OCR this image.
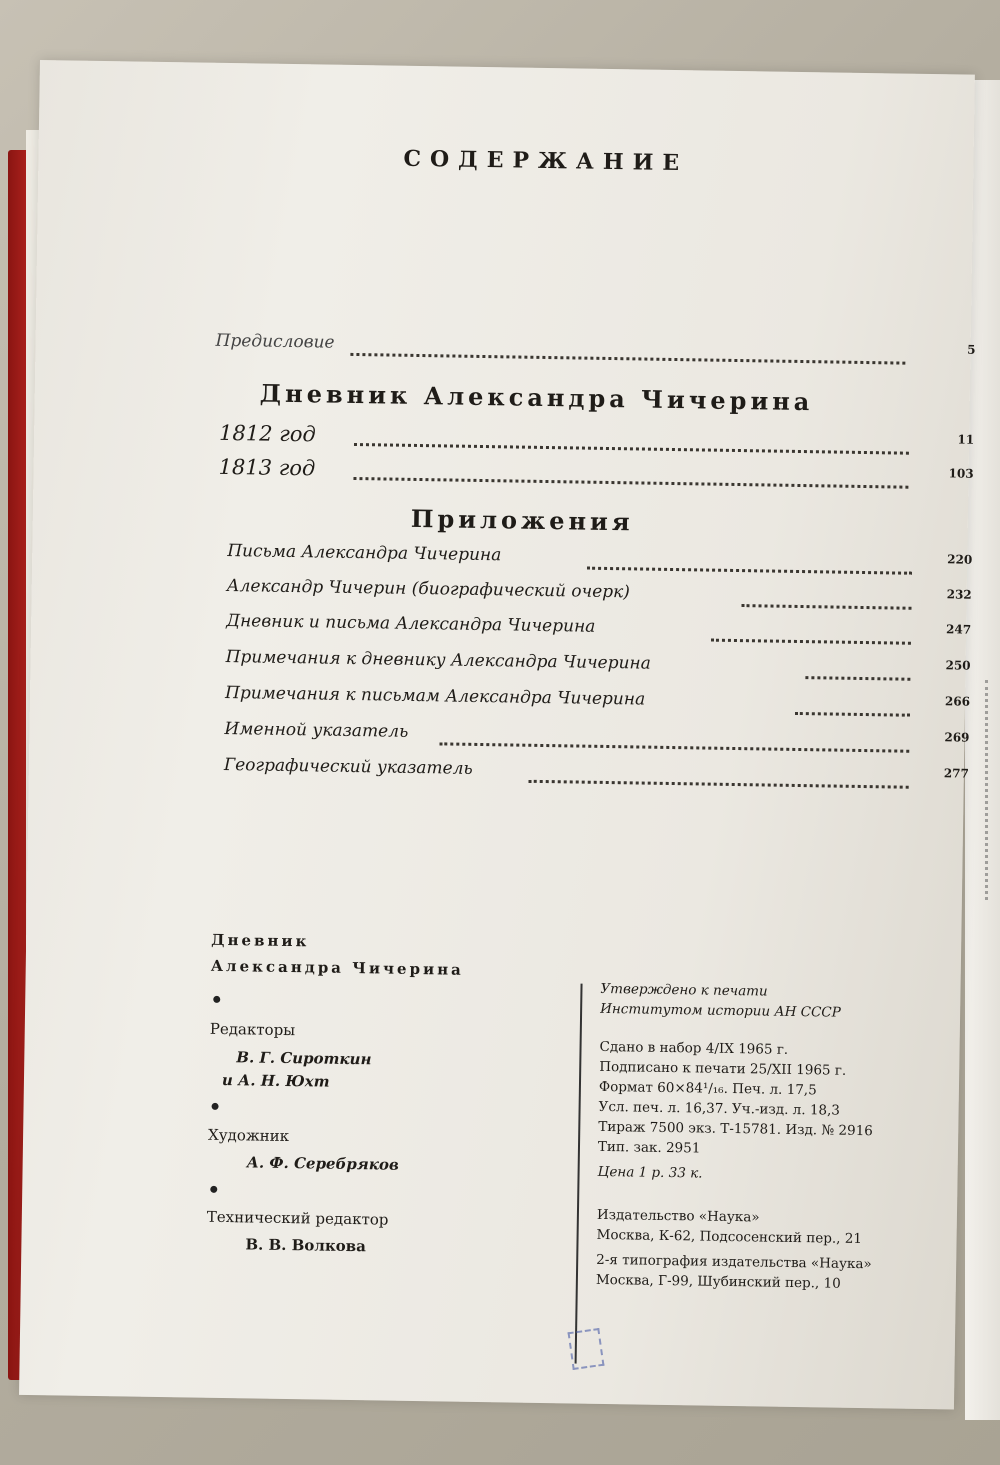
СОДЕРЖАНИЕ
Предисловие	5
Дневник Александра Чичерина
1812 год	11
1813 год	103
Приложения
Письма Александра Чичерина	220
Александр Чичерин (биографический очерк)	232
Дневник и письма Александра Чичерина	247
Примечания к дневнику Александра Чичерина	250
Примечания к письмам Александра Чичерина	266
Именной указатель	269
Географический указатель	277
Дневник
Александра Чичерина
Редакторы
В. Г. Сироткин
и А. Н. Юхт
Художник
А. Ф. Серебряков
Технический редактор
В. В. Волкова
Утверждено к печати
Институтом истории АН СССР
Сдано в набор 4/IX 1965 г.
Подписано к печати 25/XII 1965 г.
Формат 60×84¹/₁₆. Печ. л. 17,5
Усл. печ. л. 16,37. Уч.-изд. л. 18,3
Тираж 7500 экз. Т-15781. Изд. № 2916
Тип. зак. 2951
Цена 1 р. 33 к.
Издательство «Наука»
Москва, К-62, Подсосенский пер., 21
2-я типография издательства «Наука»
Москва, Г-99, Шубинский пер., 10
